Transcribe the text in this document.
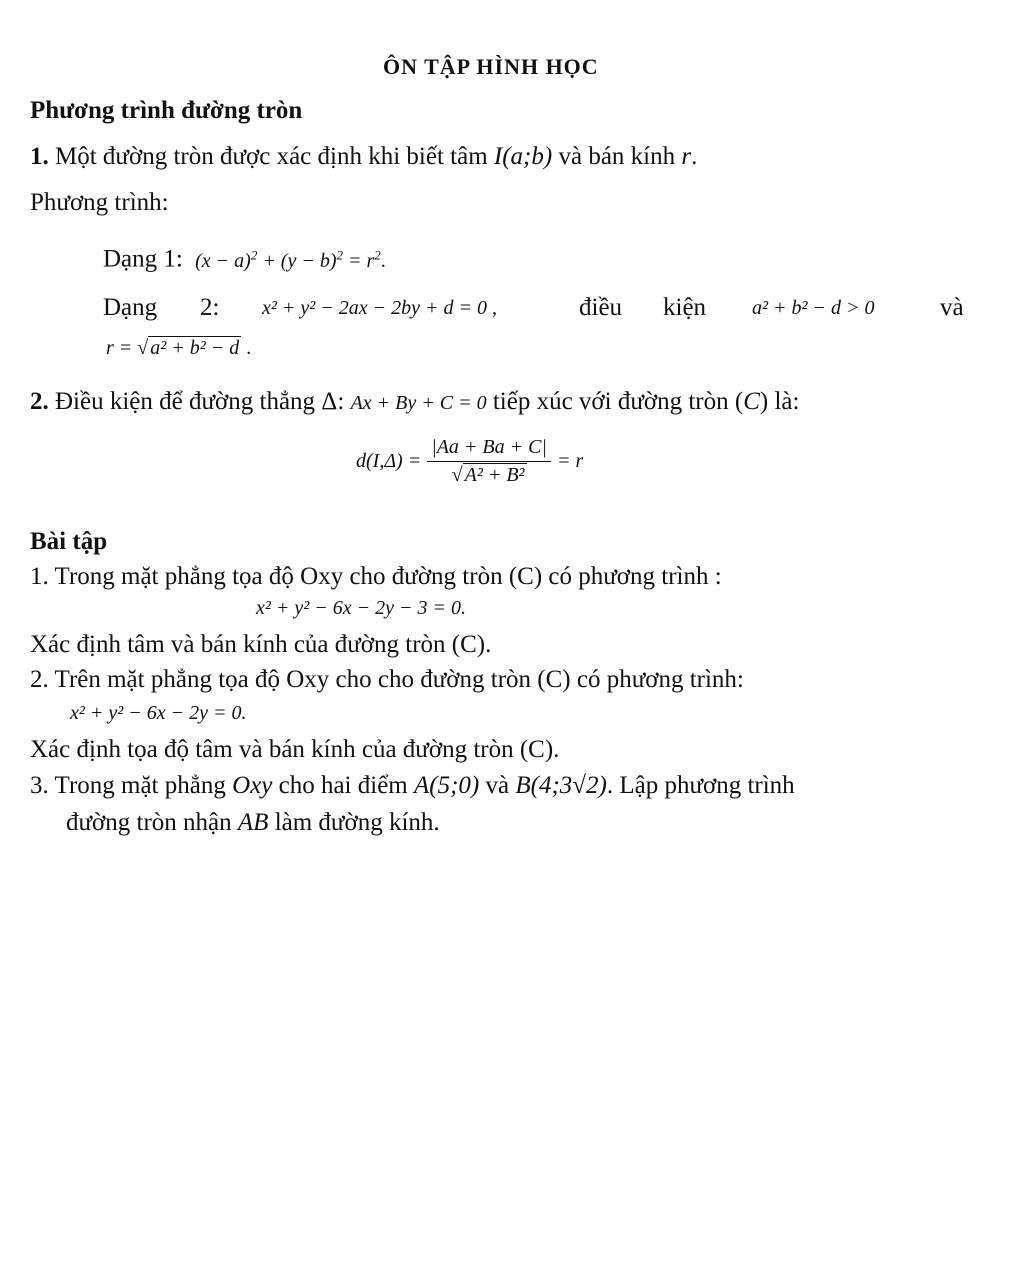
ÔN TẬP HÌNH HỌC
Phương trình đường tròn
1. Một đường tròn được xác định khi biết tâm I(a;b) và bán kính r.
Phương trình:
Dạng 1: $(x - a)^2 + (y - b)^2 = r^2$.
Dạng 2: x² + y² − 2ax − 2by + d = 0 ,	điều kiện a² + b² − d > 0	và
r = √ a² + b² − d .
2. Điều kiện để đường thẳng Δ: Ax + By + C = 0 tiếp xúc với đường tròn (C) là:
$d(I,\Delta) = \frac{|Aa + Ba + C|}{\text{√ A² + B²}} = r$
Bài tập
1. Trong mặt phẳng tọa độ Oxy cho đường tròn (C) có phương trình :
x² + y² − 6x − 2y − 3 = 0.
Xác định tâm và bán kính của đường tròn (C).
2. Trên mặt phẳng tọa độ Oxy cho cho đường tròn (C) có phương trình:
x² + y² − 6x − 2y = 0.
Xác định tọa độ tâm và bán kính của đường tròn (C).
3. Trong mặt phẳng Oxy cho hai điểm A(5;0) và B(4;3√2). Lập phương trình
đường tròn nhận AB làm đường kính.
